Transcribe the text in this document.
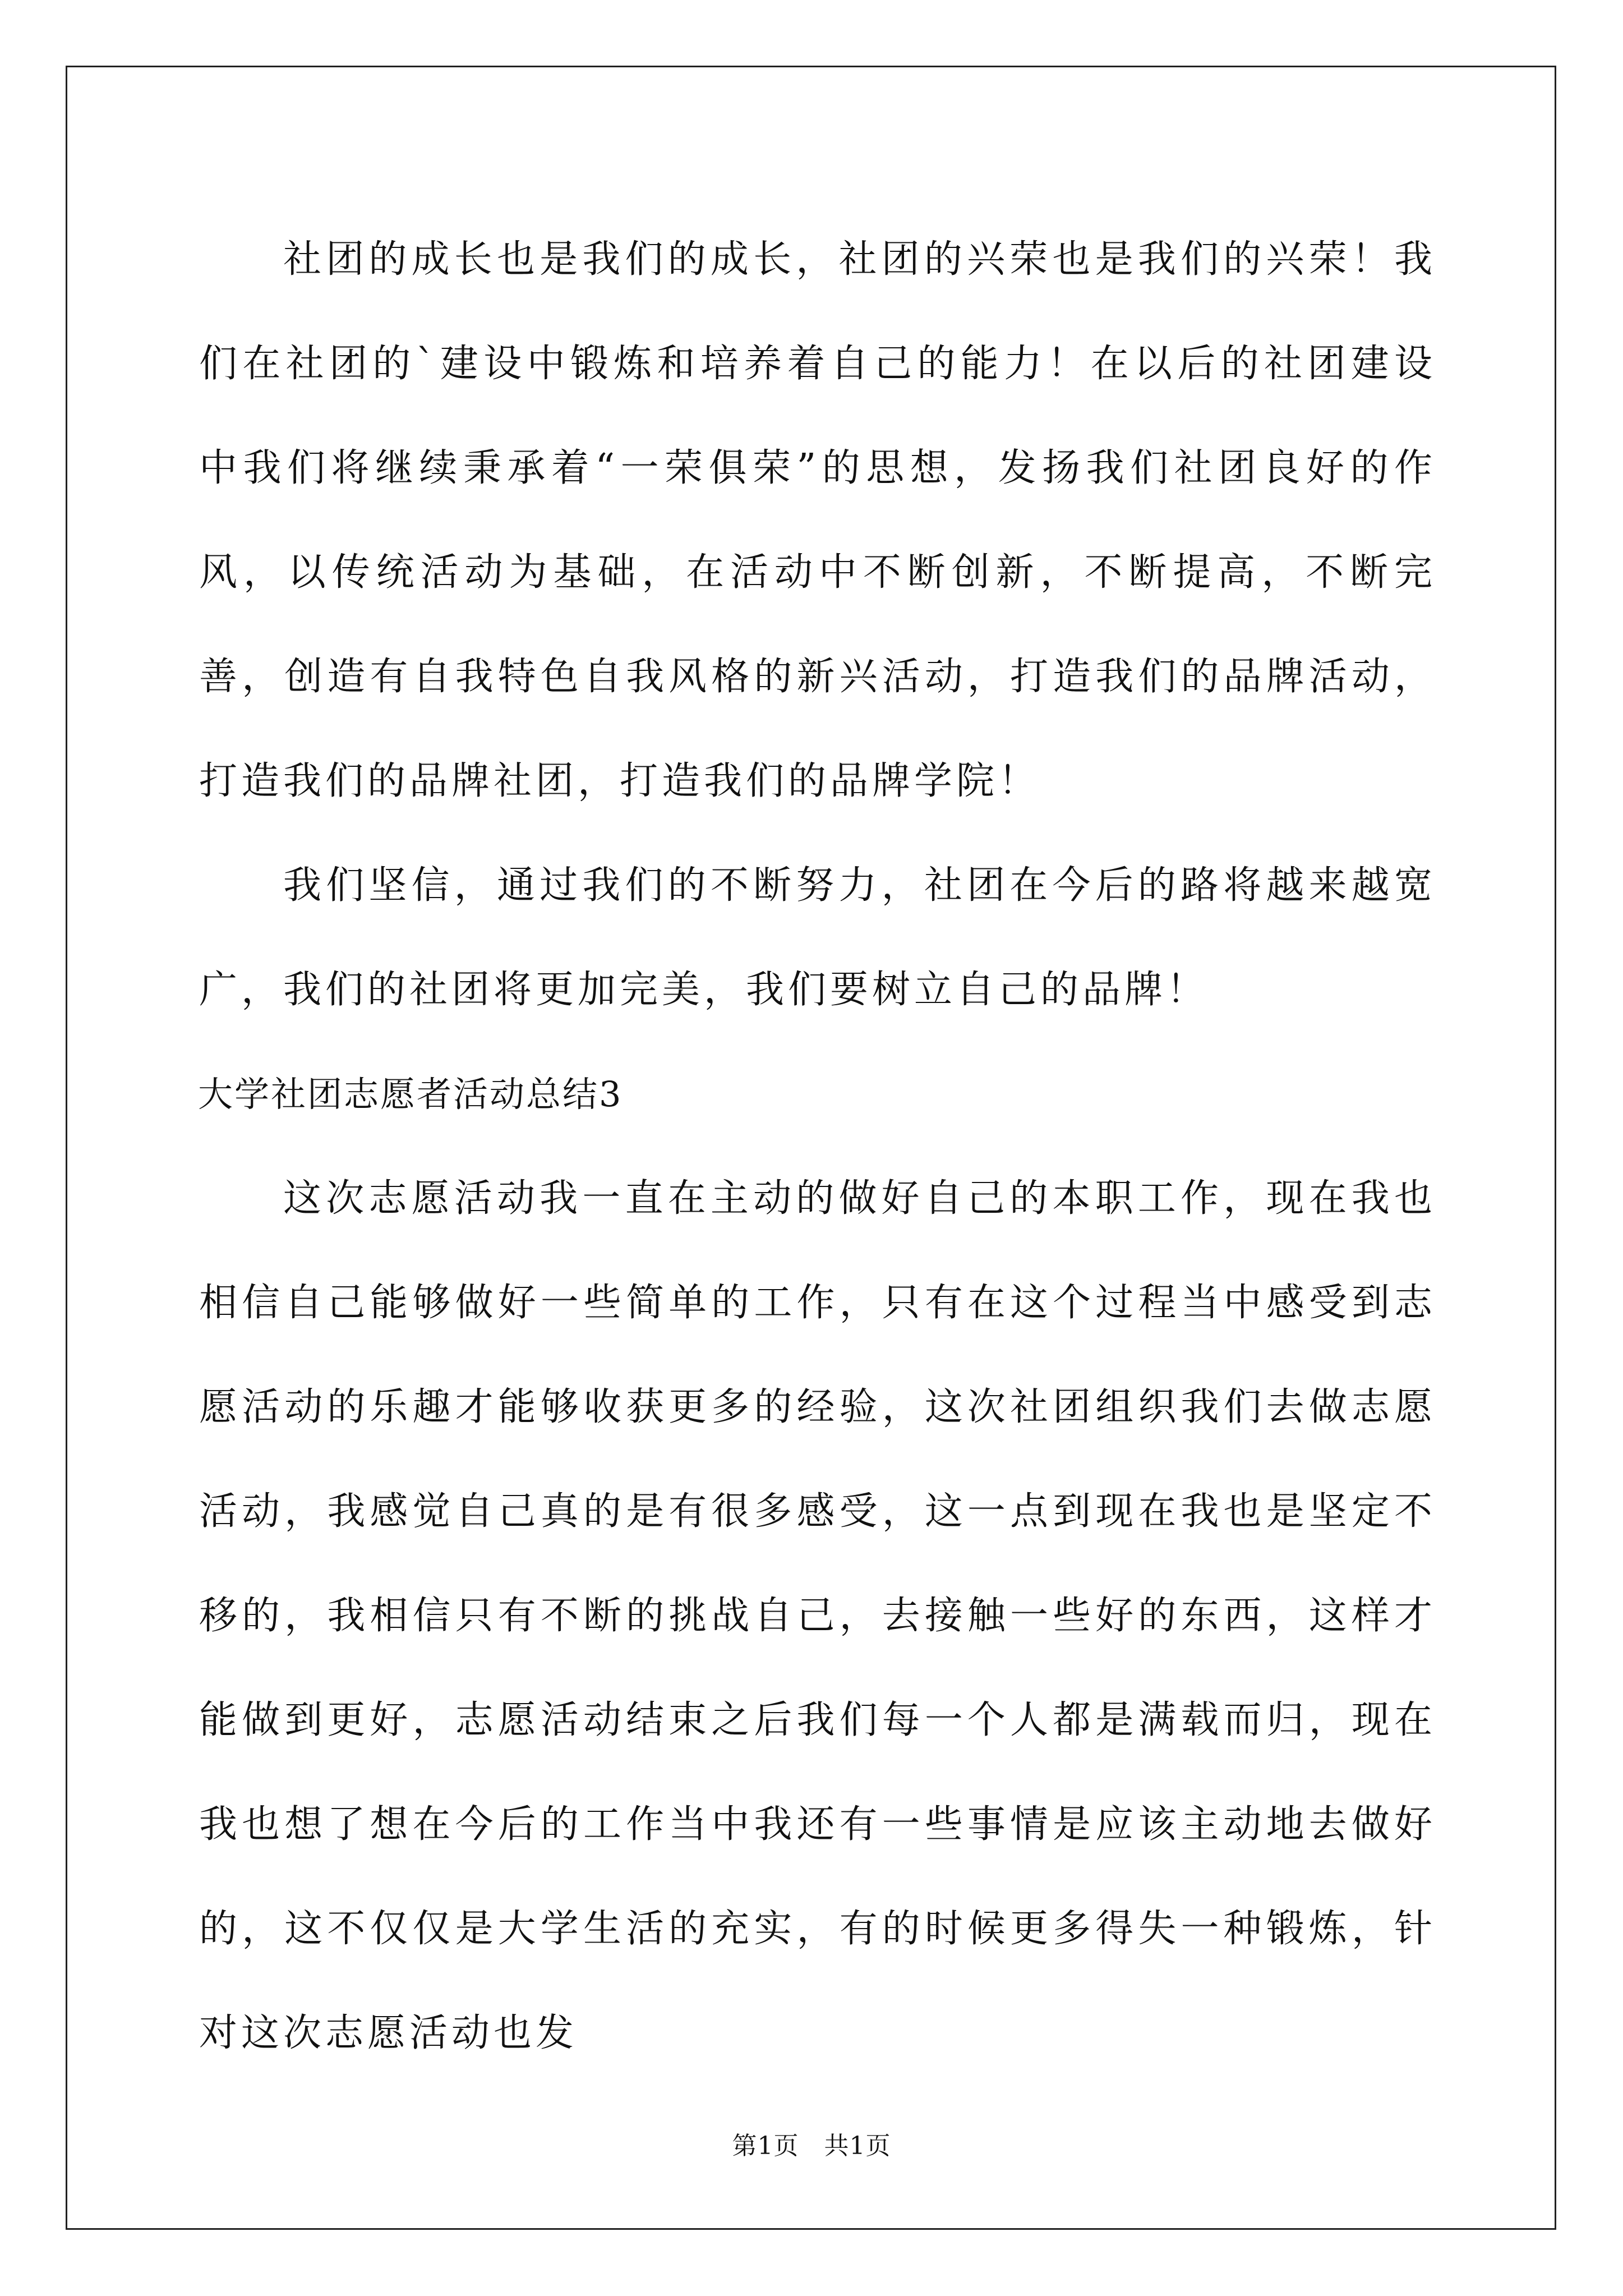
社团的成长也是我们的成长，社团的兴荣也是我们的兴荣！我们在社团的`建设中锻炼和培养着自己的能力！在以后的社团建设中我们将继续秉承着“一荣俱荣”的思想，发扬我们社团良好的作风，以传统活动为基础，在活动中不断创新，不断提高，不断完善，创造有自我特色自我风格的新兴活动，打造我们的品牌活动，打造我们的品牌社团，打造我们的品牌学院！

我们坚信，通过我们的不断努力，社团在今后的路将越来越宽广，我们的社团将更加完美，我们要树立自己的品牌！

大学社团志愿者活动总结3

这次志愿活动我一直在主动的做好自己的本职工作，现在我也相信自己能够做好一些简单的工作，只有在这个过程当中感受到志愿活动的乐趣才能够收获更多的经验，这次社团组织我们去做志愿活动，我感觉自己真的是有很多感受，这一点到现在我也是坚定不移的，我相信只有不断的挑战自己，去接触一些好的东西，这样才能做到更好，志愿活动结束之后我们每一个人都是满载而归，现在我也想了想在今后的工作当中我还有一些事情是应该主动地去做好的，这不仅仅是大学生活的充实，有的时候更多得失一种锻炼，针对这次志愿活动也发

第1页   共1页
